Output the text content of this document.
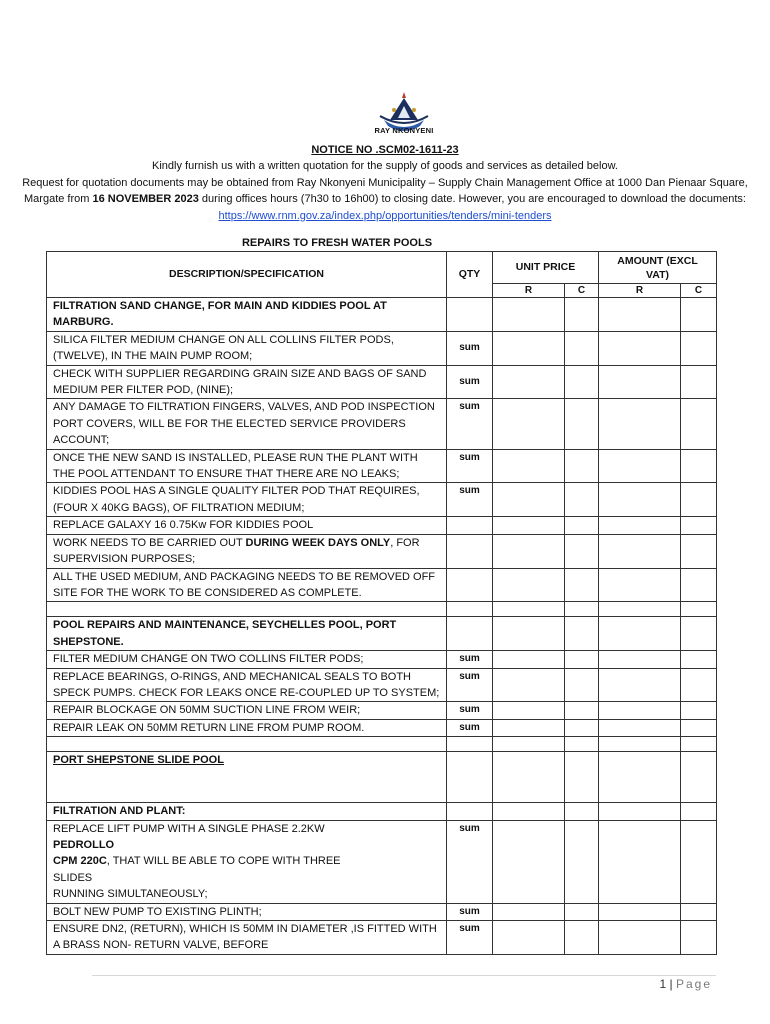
RAY NKONYENI
NOTICE NO .SCM02-1611-23
Kindly furnish us with a written quotation for the supply of goods and services as detailed below.
Request for quotation documents may be obtained from Ray Nkonyeni Municipality – Supply Chain Management Office at 1000 Dan Pienaar Square, Margate from 16 NOVEMBER 2023 during offices hours (7h30 to 16h00) to closing date. However, you are encouraged to download the documents: https://www.rnm.gov.za/index.php/opportunities/tenders/mini-tenders
REPAIRS TO FRESH WATER POOLS
DESCRIPTION/SPECIFICATION	QTY	UNIT PRICE		AMOUNT (EXCL VAT)	
		R	C	R	C
FILTRATION SAND CHANGE, FOR MAIN AND KIDDIES POOL AT MARBURG.					
SILICA FILTER MEDIUM CHANGE ON ALL COLLINS FILTER PODS, (TWELVE), IN THE MAIN PUMP ROOM;	sum				
CHECK WITH SUPPLIER REGARDING GRAIN SIZE AND BAGS OF SAND MEDIUM PER FILTER POD, (NINE);	sum				
ANY DAMAGE TO FILTRATION FINGERS, VALVES, AND POD INSPECTION PORT COVERS, WILL BE FOR THE ELECTED SERVICE PROVIDERS ACCOUNT;	sum				
ONCE THE NEW SAND IS INSTALLED, PLEASE RUN THE PLANT WITH THE POOL ATTENDANT TO ENSURE THAT THERE ARE NO LEAKS;	sum				
KIDDIES POOL HAS A SINGLE QUALITY FILTER POD THAT REQUIRES, (FOUR X 40KG BAGS), OF FILTRATION MEDIUM;	sum				
REPLACE GALAXY 16 0.75Kw FOR KIDDIES POOL					
WORK NEEDS TO BE CARRIED OUT DURING WEEK DAYS ONLY, FOR SUPERVISION PURPOSES;					
ALL THE USED MEDIUM, AND PACKAGING NEEDS TO BE REMOVED OFF SITE FOR THE WORK TO BE CONSIDERED AS COMPLETE.					

POOL REPAIRS AND MAINTENANCE, SEYCHELLES POOL, PORT SHEPSTONE.					
FILTER MEDIUM CHANGE ON TWO COLLINS FILTER PODS;	sum				
REPLACE BEARINGS, O-RINGS, AND MECHANICAL SEALS TO BOTH SPECK PUMPS. CHECK FOR LEAKS ONCE RE-COUPLED UP TO SYSTEM;	sum				
REPAIR BLOCKAGE ON 50MM SUCTION LINE FROM WEIR;	sum				
REPAIR LEAK ON 50MM RETURN LINE FROM PUMP ROOM.	sum				

PORT SHEPSTONE SLIDE POOL					

FILTRATION AND PLANT:					

REPLACE LIFT PUMP WITH A SINGLE PHASE 2.2KW
PEDROLLO
CPM 220C, THAT WILL BE ABLE TO COPE WITH THREE
SLIDES
RUNNING SIMULTANEOUSLY;	sum				
BOLT NEW PUMP TO EXISTING PLINTH;	sum				
ENSURE DN2, (RETURN), WHICH IS 50MM IN DIAMETER ,IS FITTED WITH A BRASS NON- RETURN VALVE, BEFORE	sum				
1 | Page
